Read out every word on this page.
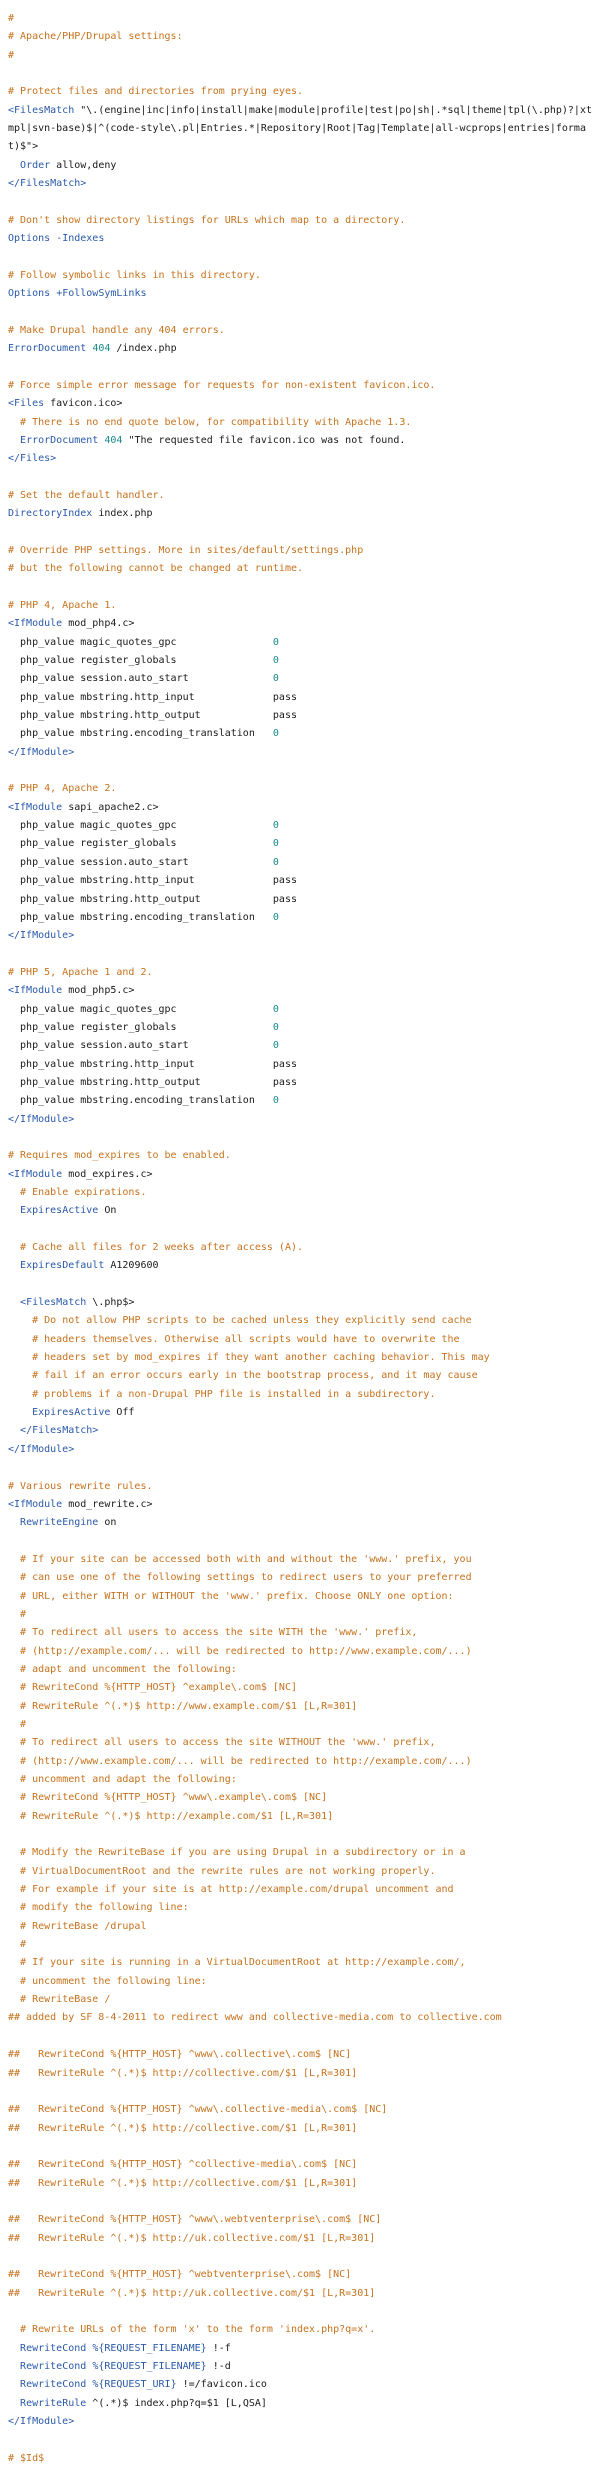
#
# Apache/PHP/Drupal settings:
#

# Protect files and directories from prying eyes.
<FilesMatch "\.(engine|inc|info|install|make|module|profile|test|po|sh|.*sql|theme|tpl(\.php)?|xtmpl|svn-base)$|^(code-style\.pl|Entries.*|Repository|Root|Tag|Template|all-wcprops|entries|format)$">
Order allow,deny
</FilesMatch>

# Don't show directory listings for URLs which map to a directory.
Options -Indexes

# Follow symbolic links in this directory.
Options +FollowSymLinks

# Make Drupal handle any 404 errors.
ErrorDocument 404 /index.php

# Force simple error message for requests for non-existent favicon.ico.
<Files favicon.ico>
# There is no end quote below, for compatibility with Apache 1.3.
ErrorDocument 404 "The requested file favicon.ico was not found.
</Files>

# Set the default handler.
DirectoryIndex index.php

# Override PHP settings. More in sites/default/settings.php
# but the following cannot be changed at runtime.

# PHP 4, Apache 1.
<IfModule mod_php4.c>
php_value magic_quotes_gpc                0
php_value register_globals                0
php_value session.auto_start              0
php_value mbstring.http_input             pass
php_value mbstring.http_output            pass
php_value mbstring.encoding_translation   0
</IfModule>

# PHP 4, Apache 2.
<IfModule sapi_apache2.c>
php_value magic_quotes_gpc                0
php_value register_globals                0
php_value session.auto_start              0
php_value mbstring.http_input             pass
php_value mbstring.http_output            pass
php_value mbstring.encoding_translation   0
</IfModule>

# PHP 5, Apache 1 and 2.
<IfModule mod_php5.c>
php_value magic_quotes_gpc                0
php_value register_globals                0
php_value session.auto_start              0
php_value mbstring.http_input             pass
php_value mbstring.http_output            pass
php_value mbstring.encoding_translation   0
</IfModule>

# Requires mod_expires to be enabled.
<IfModule mod_expires.c>
# Enable expirations.
ExpiresActive On

# Cache all files for 2 weeks after access (A).
ExpiresDefault A1209600

<FilesMatch \.php$>
# Do not allow PHP scripts to be cached unless they explicitly send cache
# headers themselves. Otherwise all scripts would have to overwrite the
# headers set by mod_expires if they want another caching behavior. This may
# fail if an error occurs early in the bootstrap process, and it may cause
# problems if a non-Drupal PHP file is installed in a subdirectory.
ExpiresActive Off
</FilesMatch>
</IfModule>

# Various rewrite rules.
<IfModule mod_rewrite.c>
RewriteEngine on

# If your site can be accessed both with and without the 'www.' prefix, you
# can use one of the following settings to redirect users to your preferred
# URL, either WITH or WITHOUT the 'www.' prefix. Choose ONLY one option:
#
# To redirect all users to access the site WITH the 'www.' prefix,
# (http://example.com/... will be redirected to http://www.example.com/...)
# adapt and uncomment the following:
# RewriteCond %{HTTP_HOST} ^example\.com$ [NC]
# RewriteRule ^(.*)$ http://www.example.com/$1 [L,R=301]
#
# To redirect all users to access the site WITHOUT the 'www.' prefix,
# (http://www.example.com/... will be redirected to http://example.com/...)
# uncomment and adapt the following:
# RewriteCond %{HTTP_HOST} ^www\.example\.com$ [NC]
# RewriteRule ^(.*)$ http://example.com/$1 [L,R=301]

# Modify the RewriteBase if you are using Drupal in a subdirectory or in a
# VirtualDocumentRoot and the rewrite rules are not working properly.
# For example if your site is at http://example.com/drupal uncomment and
# modify the following line:
# RewriteBase /drupal
#
# If your site is running in a VirtualDocumentRoot at http://example.com/,
# uncomment the following line:
# RewriteBase /
## added by SF 8-4-2011 to redirect www and collective-media.com to collective.com

##   RewriteCond %{HTTP_HOST} ^www\.collective\.com$ [NC]
##   RewriteRule ^(.*)$ http://collective.com/$1 [L,R=301]

##   RewriteCond %{HTTP_HOST} ^www\.collective-media\.com$ [NC]
##   RewriteRule ^(.*)$ http://collective.com/$1 [L,R=301]

##   RewriteCond %{HTTP_HOST} ^collective-media\.com$ [NC]
##   RewriteRule ^(.*)$ http://collective.com/$1 [L,R=301]

##   RewriteCond %{HTTP_HOST} ^www\.webtventerprise\.com$ [NC]
##   RewriteRule ^(.*)$ http://uk.collective.com/$1 [L,R=301]

##   RewriteCond %{HTTP_HOST} ^webtventerprise\.com$ [NC]
##   RewriteRule ^(.*)$ http://uk.collective.com/$1 [L,R=301]

# Rewrite URLs of the form 'x' to the form 'index.php?q=x'.
RewriteCond %{REQUEST_FILENAME} !-f
RewriteCond %{REQUEST_FILENAME} !-d
RewriteCond %{REQUEST_URI} !=/favicon.ico
RewriteRule ^(.*)$ index.php?q=$1 [L,QSA]
</IfModule>

# $Id$
